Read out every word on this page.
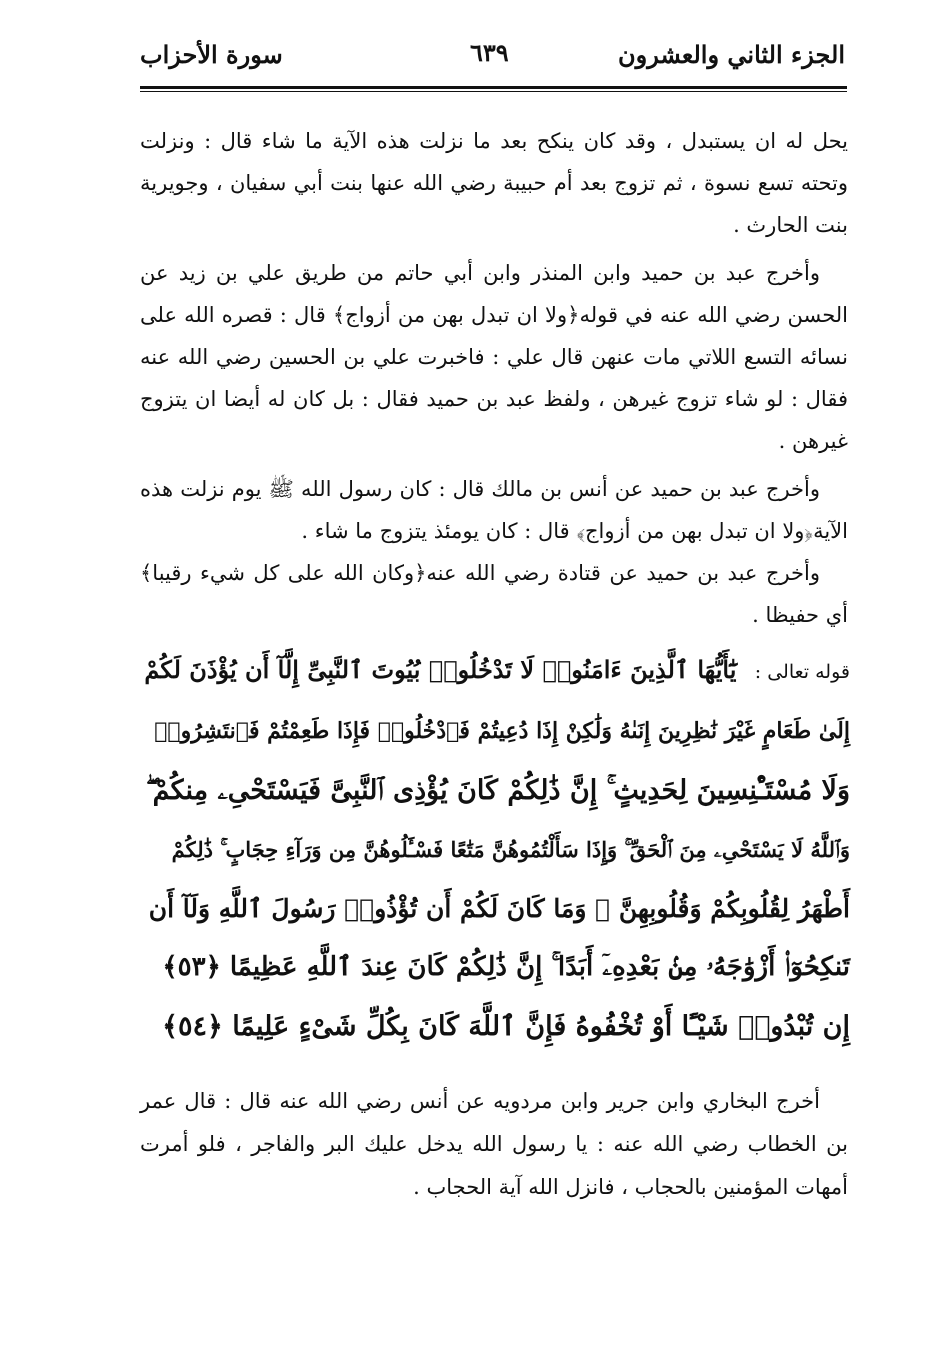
الجزء الثاني والعشرون
٦٣٩
سورة الأحزاب

يحل له ان يستبدل ، وقد كان ينكح بعد ما نزلت هذه الآية ما شاء قال : ونزلت وتحته تسع نسوة ، ثم تزوج بعد أم حبيبة رضي الله عنها بنت أبي سفيان ، وجويرية بنت الحارث .

وأخرج عبد بن حميد وابن المنذر وابن أبي حاتم من طريق علي بن زيد عن الحسن رضي الله عنه في قوله﴿ولا ان تبدل بهن من أزواج﴾ قال : قصره الله على نسائه التسع اللاتي مات عنهن قال علي : فاخبرت علي بن الحسين رضي الله عنه فقال : لو شاء تزوج غيرهن ، ولفظ عبد بن حميد فقال : بل كان له أيضا ان يتزوج غيرهن .

وأخرج عبد بن حميد عن أنس بن مالك قال : كان رسول الله ﷺ يوم نزلت هذه الآية﴿ولا ان تبدل بهن من أزواج﴾ قال : كان يومئذ يتزوج ما شاء .

وأخرج عبد بن حميد عن قتادة رضي الله عنه﴿وكان الله على كل شيء رقيبا﴾ أي حفيظا .

قوله تعالى : يَٰٓأَيُّهَا ٱلَّذِينَ ءَامَنُوا۟ لَا تَدْخُلُوا۟ بُيُوتَ ٱلنَّبِىِّ إِلَّآ أَن يُؤْذَنَ لَكُمْ
إِلَىٰ طَعَامٍ غَيْرَ نَٰظِرِينَ إِنَىٰهُ وَلَٰكِنْ إِذَا دُعِيتُمْ فَٱدْخُلُوا۟ فَإِذَا طَعِمْتُمْ فَٱنتَشِرُوا۟
وَلَا مُسْتَـْٔنِسِينَ لِحَدِيثٍ ۚ إِنَّ ذَٰلِكُمْ كَانَ يُؤْذِى ٱلنَّبِىَّ فَيَسْتَحْىِۦ مِنكُمْ ۖ
وَٱللَّهُ لَا يَسْتَحْىِۦ مِنَ ٱلْحَقِّ ۚ وَإِذَا سَأَلْتُمُوهُنَّ مَتَٰعًا فَسْـَٔلُوهُنَّ مِن وَرَآءِ حِجَابٍ ۚ ذَٰلِكُمْ
أَطْهَرُ لِقُلُوبِكُمْ وَقُلُوبِهِنَّ ۚ وَمَا كَانَ لَكُمْ أَن تُؤْذُوا۟ رَسُولَ ٱللَّهِ وَلَآ أَن
تَنكِحُوٓا۟ أَزْوَٰجَهُۥ مِنۢ بَعْدِهِۦٓ أَبَدًا ۚ إِنَّ ذَٰلِكُمْ كَانَ عِندَ ٱللَّهِ عَظِيمًا ﴿٥٣﴾
إِن تُبْدُوا۟ شَيْـًٔا أَوْ تُخْفُوهُ فَإِنَّ ٱللَّهَ كَانَ بِكُلِّ شَىْءٍ عَلِيمًا ﴿٥٤﴾

أخرج البخاري وابن جرير وابن مردويه عن أنس رضي الله عنه قال : قال عمر بن الخطاب رضي الله عنه : يا رسول الله يدخل عليك البر والفاجر ، فلو أمرت أمهات المؤمنين بالحجاب ، فانزل الله آية الحجاب .
